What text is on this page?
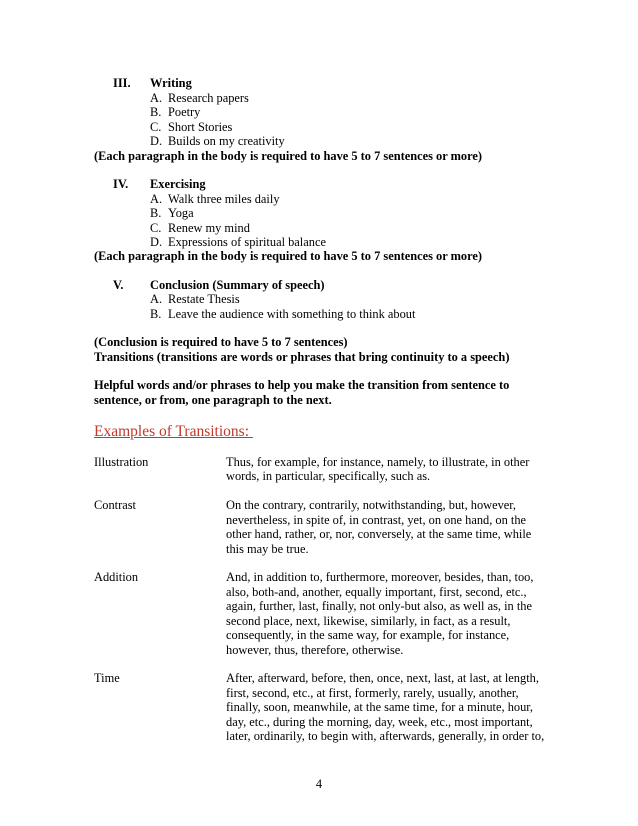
III.	Writing
A. Research papers
B. Poetry
C. Short Stories
D. Builds on my creativity
(Each paragraph in the body is required to have 5 to 7 sentences or more)
IV.	Exercising
A. Walk three miles daily
B. Yoga
C. Renew my mind
D. Expressions of spiritual balance
(Each paragraph in the body is required to have 5 to 7 sentences or more)
V.	Conclusion (Summary of speech)
A. Restate Thesis
B. Leave the audience with something to think about
(Conclusion is required to have 5 to 7 sentences)
Transitions (transitions are words or phrases that bring continuity to a speech)
Helpful words and/or phrases to help you make the transition from sentence to
sentence, or from, one paragraph to the next.
Examples of Transitions:
Illustration	Thus, for example, for instance, namely, to illustrate, in other
words, in particular, specifically, such as.
Contrast	On the contrary, contrarily, notwithstanding, but, however,
nevertheless, in spite of, in contrast, yet, on one hand, on the
other hand, rather, or, nor, conversely, at the same time, while
this may be true.
Addition	And, in addition to, furthermore, moreover, besides, than, too,
also, both-and, another, equally important, first, second, etc.,
again, further, last, finally, not only-but also, as well as, in the
second place, next, likewise, similarly, in fact, as a result,
consequently, in the same way, for example, for instance,
however, thus, therefore, otherwise.
Time	After, afterward, before, then, once, next, last, at last, at length,
first, second, etc., at first, formerly, rarely, usually, another,
finally, soon, meanwhile, at the same time, for a minute, hour,
day, etc., during the morning, day, week, etc., most important,
later, ordinarily, to begin with, afterwards, generally, in order to,
4
